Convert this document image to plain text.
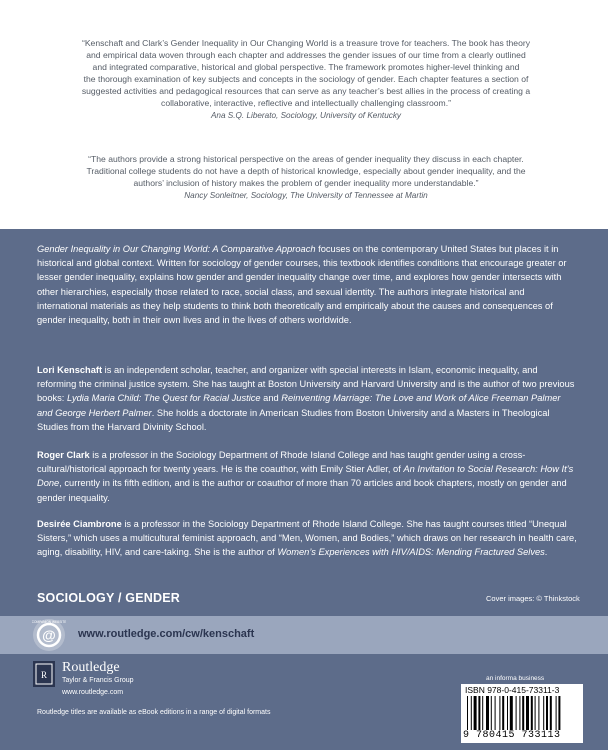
“Kenschaft and Clark’s Gender Inequality in Our Changing World is a treasure trove for teachers. The book has theory
and empirical data woven through each chapter and addresses the gender issues of our time from a clearly outlined
and integrated comparative, historical and global perspective. The framework promotes higher-level thinking and
the thorough examination of key subjects and concepts in the sociology of gender. Each chapter features a section of
suggested activities and pedagogical resources that can serve as any teacher’s best allies in the process of creating a
collaborative, interactive, reflective and intellectually challenging classroom.”
Ana S.Q. Liberato, Sociology, University of Kentucky
“The authors provide a strong historical perspective on the areas of gender inequality they discuss in each chapter.
Traditional college students do not have a depth of historical knowledge, especially about gender inequality, and the
authors’ inclusion of history makes the problem of gender inequality more understandable.”
Nancy Sonleitner, Sociology, The University of Tennessee at Martin

Gender Inequality in Our Changing World: A Comparative Approach focuses on the contemporary United States but places it in historical and global context. Written for sociology of gender courses, this textbook identifies conditions that encourage greater or lesser gender inequality, explains how gender and gender inequality change over time, and explores how gender intersects with other hierarchies, especially those related to race, social class, and sexual identity. The authors integrate historical and international materials as they help students to think both theoretically and empirically about the causes and consequences of gender inequality, both in their own lives and in the lives of others worldwide.

Lori Kenschaft is an independent scholar, teacher, and organizer with special interests in Islam, economic inequality, and reforming the criminal justice system. She has taught at Boston University and Harvard University and is the author of two previous books: Lydia Maria Child: The Quest for Racial Justice and Reinventing Marriage: The Love and Work of Alice Freeman Palmer and George Herbert Palmer. She holds a doctorate in American Studies from Boston University and a Masters in Theological Studies from the Harvard Divinity School.

Roger Clark is a professor in the Sociology Department of Rhode Island College and has taught gender using a cross-cultural/historical approach for twenty years. He is the coauthor, with Emily Stier Adler, of An Invitation to Social Research: How It’s Done, currently in its fifth edition, and is the author or coauthor of more than 70 articles and book chapters, mostly on gender and gender inequality.

Desirée Ciambrone is a professor in the Sociology Department of Rhode Island College. She has taught courses titled “Unequal Sisters,” which uses a multicultural feminist approach, and “Men, Women, and Bodies,” which draws on her research in health care, aging, disability, HIV, and care-taking. She is the author of Women’s Experiences with HIV/AIDS: Mending Fractured Selves.

SOCIOLOGY / GENDER	Cover images: © Thinkstock
@
COMPANION WEBSITE
www.routledge.com/cw/kenschaft
R Routledge
Taylor & Francis Group
www.routledge.com
an informa business
ISBN 978-0-415-73311-3
9 780415 733113
Routledge titles are available as eBook editions in a range of digital formats
